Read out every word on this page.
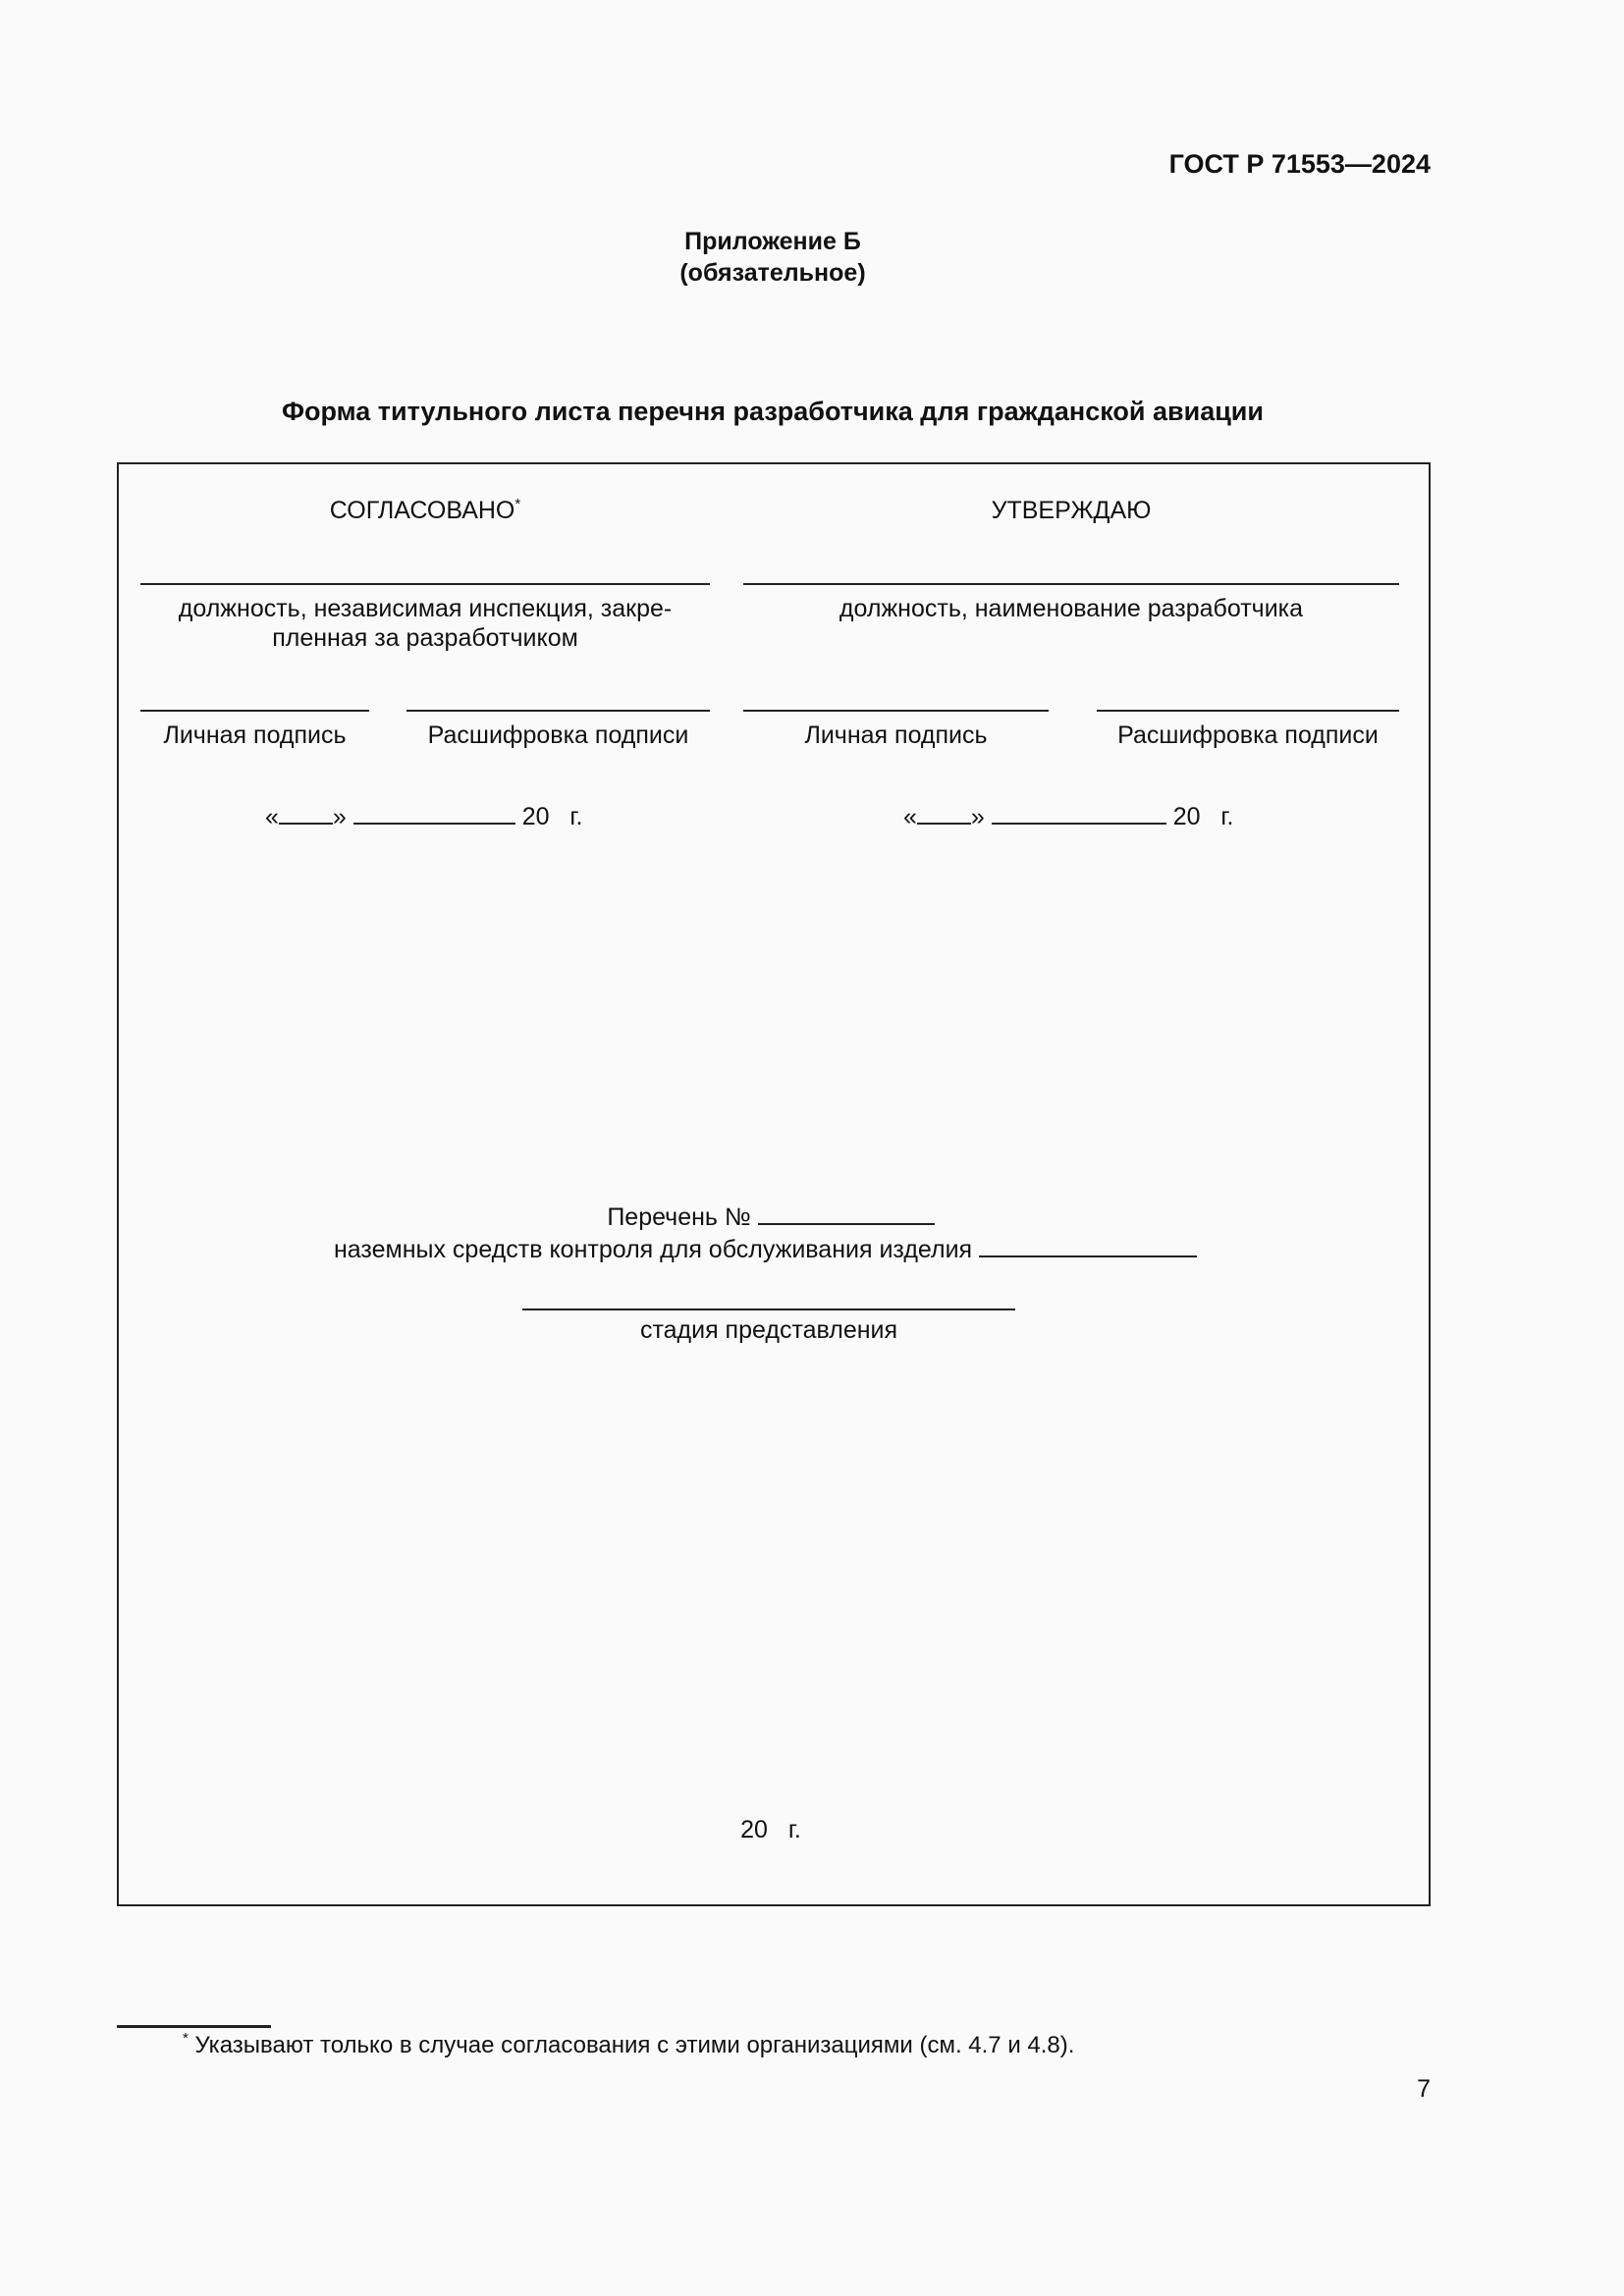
ГОСТ Р 71553—2024
Приложение Б
(обязательное)
Форма титульного листа перечня разработчика для гражданской авиации
СОГЛАСОВАНО*
должность, независимая инспекция, закре-
пленная за разработчиком
Личная подпись	Расшифровка подписи
« »	20 г.
УТВЕРЖДАЮ
должность, наименование разработчика
Личная подпись	Расшифровка подписи
« »	20 г.
Перечень №
наземных средств контроля для обслуживания изделия
стадия представления
20 г.
* Указывают только в случае согласования с этими организациями (см. 4.7 и 4.8).
7
